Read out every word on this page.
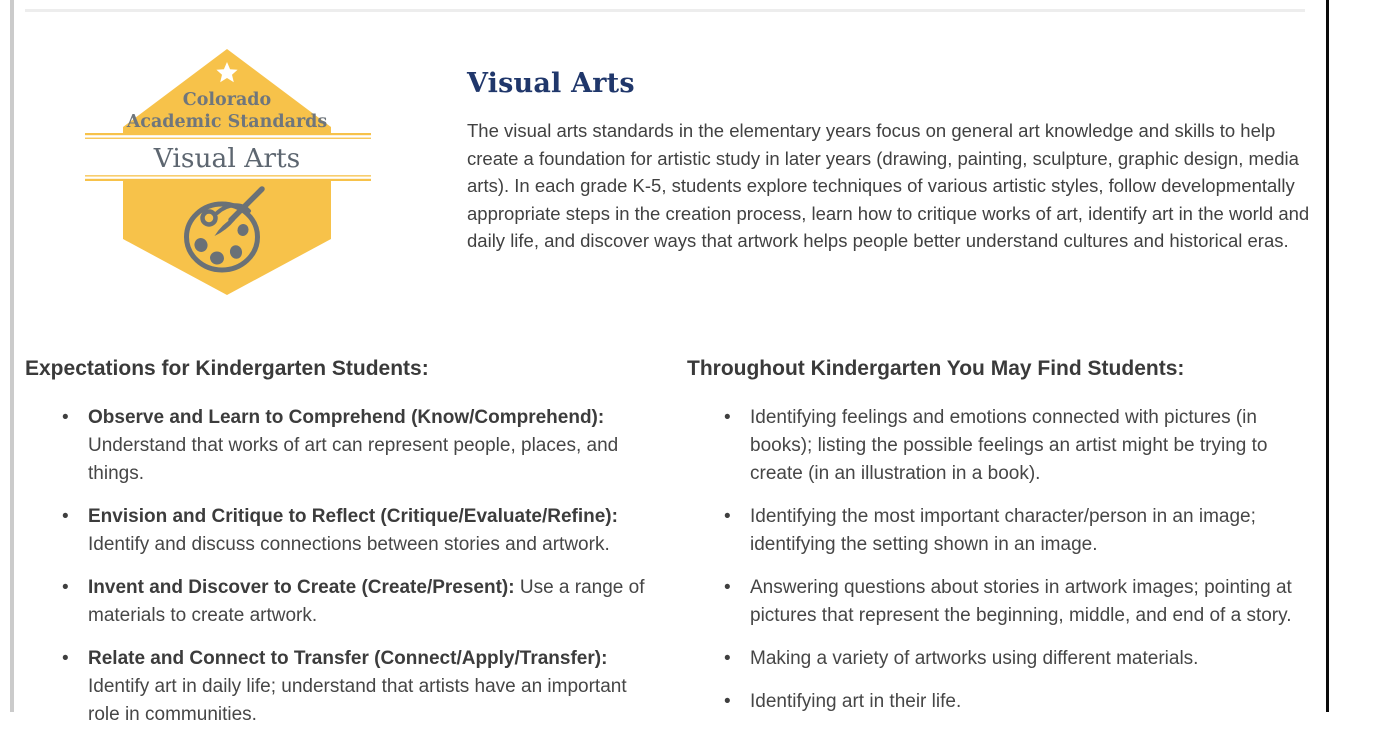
Colorado
Academic Standards
Visual Arts
Visual Arts

The visual arts standards in the elementary years focus on general art knowledge and skills to help create a foundation for artistic study in later years (drawing, painting, sculpture, graphic design, media arts). In each grade K-5, students explore techniques of various artistic styles, follow developmentally appropriate steps in the creation process, learn how to critique works of art, identify art in the world and daily life, and discover ways that artwork helps people better understand cultures and historical eras.

Expectations for Kindergarten Students:
• Observe and Learn to Comprehend (Know/Comprehend): Understand that works of art can represent people, places, and things.
• Envision and Critique to Reflect (Critique/Evaluate/Refine): Identify and discuss connections between stories and artwork.
• Invent and Discover to Create (Create/Present): Use a range of materials to create artwork.
• Relate and Connect to Transfer (Connect/Apply/Transfer): Identify art in daily life; understand that artists have an important role in communities.
Throughout Kindergarten You May Find Students:
• Identifying feelings and emotions connected with pictures (in books); listing the possible feelings an artist might be trying to create (in an illustration in a book).
• Identifying the most important character/person in an image; identifying the setting shown in an image.
• Answering questions about stories in artwork images; pointing at pictures that represent the beginning, middle, and end of a story.
• Making a variety of artworks using different materials.
• Identifying art in their life.
